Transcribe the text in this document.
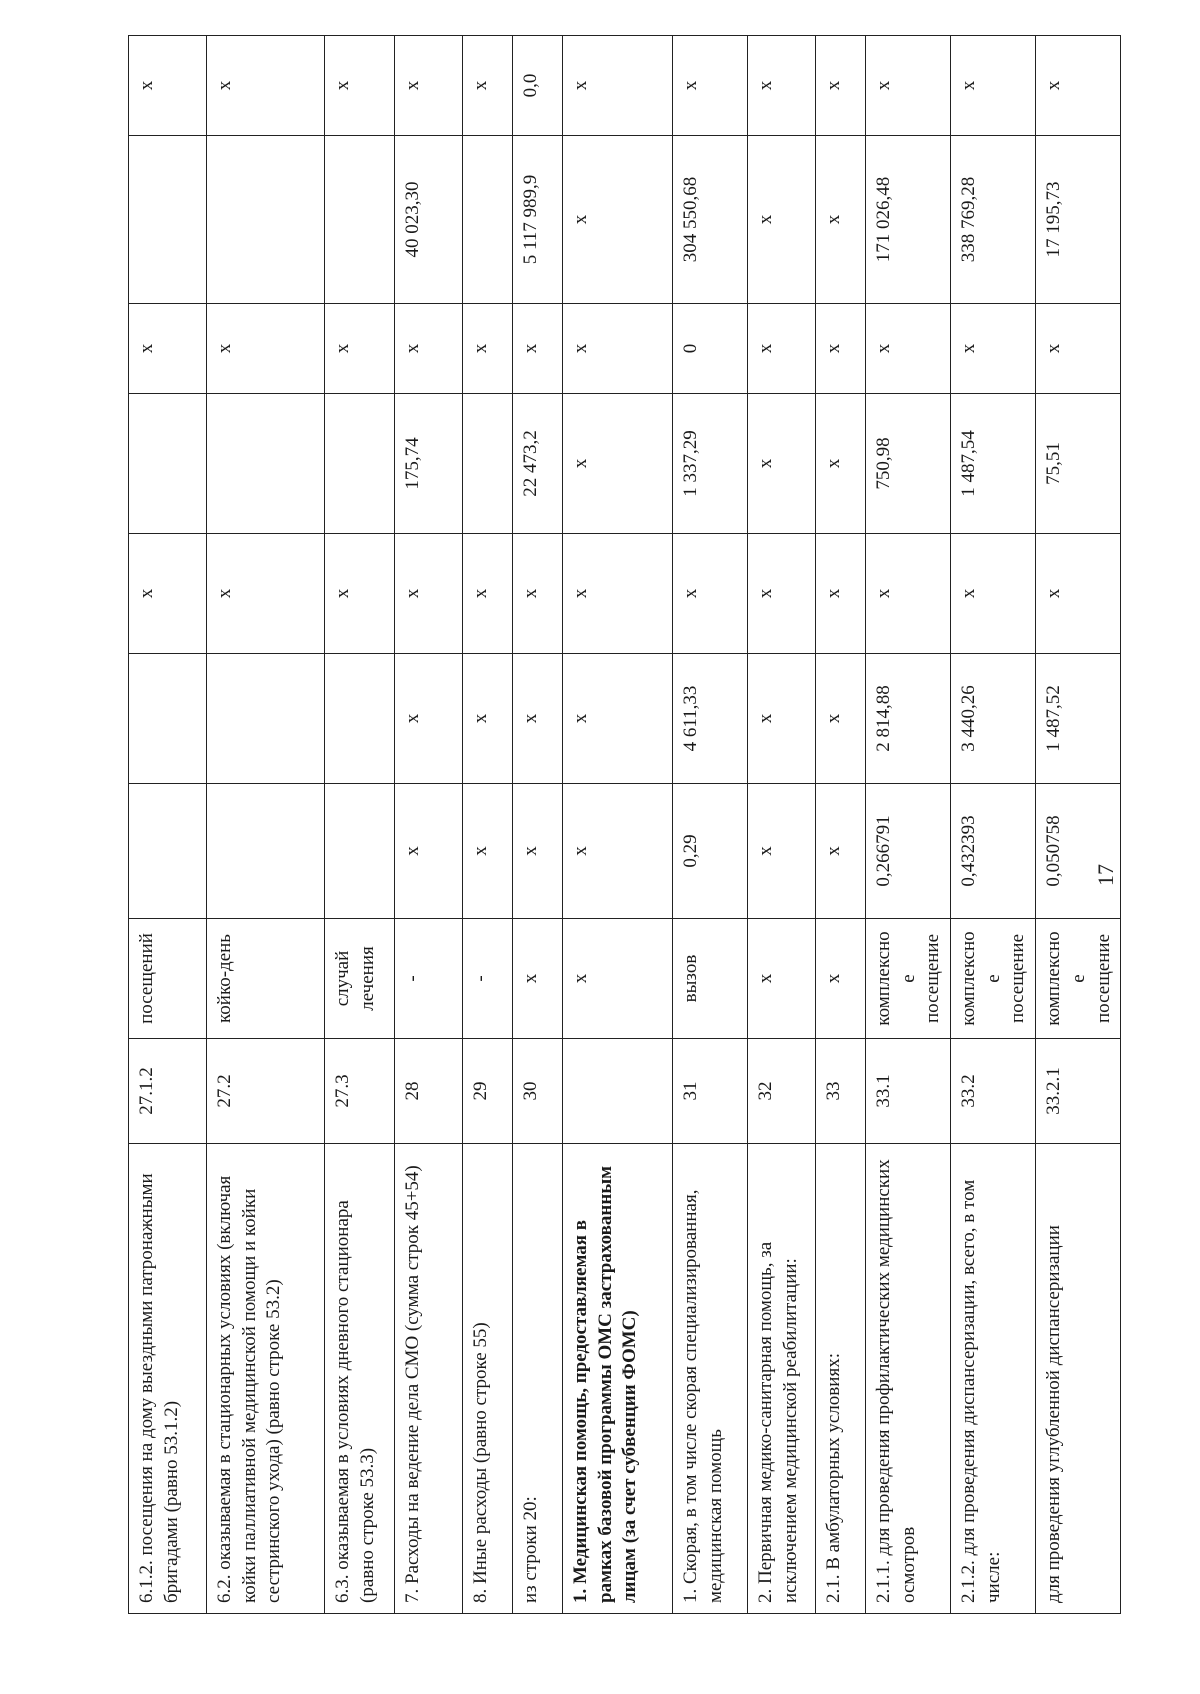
6.1.2. посещения на дому выездными патронажными бригадами (равно 53.1.2)	27.1.2	посещений			x		x		x
6.2. оказываемая в стационарных условиях (включая койки паллиативной медицинской помощи и койки сестринского ухода) (равно строке 53.2)	27.2	койко-день			x		x		x
6.3. оказываемая в условиях дневного стационара (равно строке 53.3)	27.3	случай лечения			x		x		x
7. Расходы на ведение дела СМО (сумма строк 45+54)	28	-	x	x	x	175,74	x	40 023,30	x
8. Иные расходы (равно строке 55)	29	-	x	x	x		x		x
из строки 20:	30	x	x	x	x	22 473,2	x	5 117 989,9	0,0
1. Медицинская помощь, предоставляемая в рамках базовой программы ОМС застрахованным лицам (за счет субвенции ФОМС)		x	x	x	x	x	x	x	x
1. Скорая, в том числе скорая специализированная, медицинская помощь	31	вызов	0,29	4 611,33	x	1 337,29	0	304 550,68	x
2. Первичная медико-санитарная помощь, за исключением медицинской реабилитации:	32	x	x	x	x	x	x	x	x
2.1. В амбулаторных условиях:	33	x	x	x	x	x	x	x	x
2.1.1. для проведения профилактических медицинских осмотров	33.1	комплексное посещение	0,266791	2 814,88	x	750,98	x	171 026,48	x
2.1.2. для проведения диспансеризации, всего, в том числе:	33.2	комплексное посещение	0,432393	3 440,26	x	1 487,54	x	338 769,28	x
для проведения углубленной диспансеризации	33.2.1	комплексное посещение	0,050758	1 487,52	x	75,51	x	17 195,73	x
17
